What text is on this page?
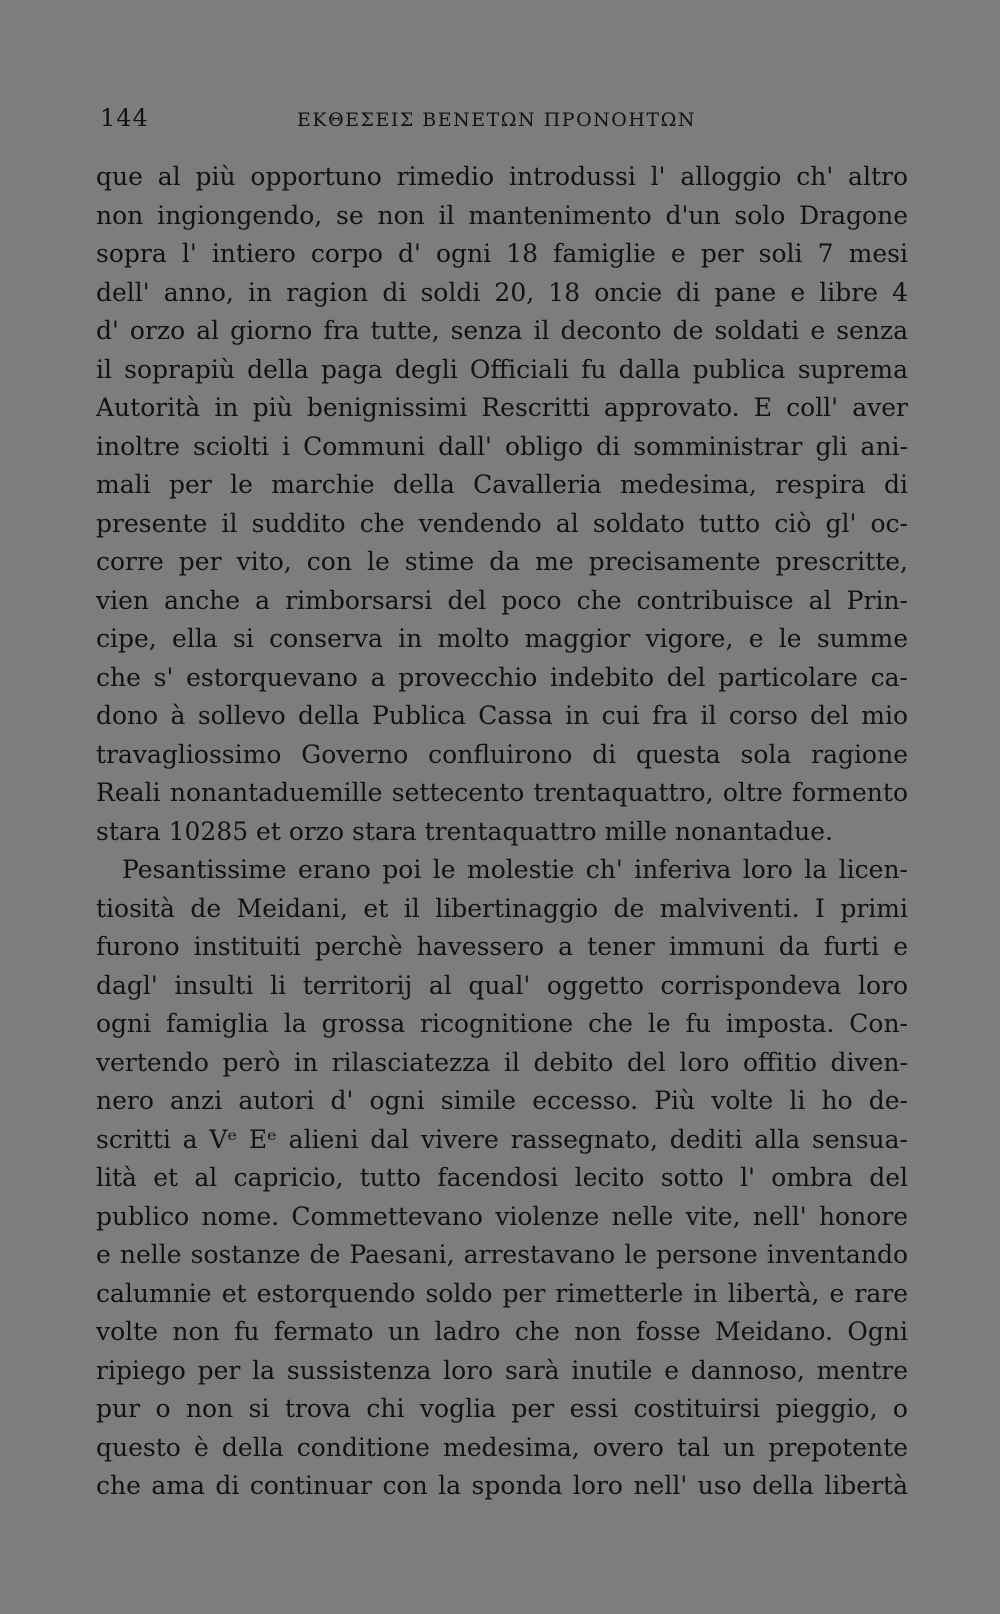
144	ΕΚΘΕΣΕΙΣ ΒΕΝΕΤΩΝ ΠΡΟΝΟΗΤΩΝ
que al più opportuno rimedio introdussi l' alloggio ch' altro
non ingiongendo, se non il mantenimento d'un solo Dragone
sopra l' intiero corpo d' ogni 18 famiglie e per soli 7 mesi
dell' anno, in ragion di soldi 20, 18 oncie di pane e libre 4
d' orzo al giorno fra tutte, senza il deconto de soldati e senza
il soprapiù della paga degli Officiali fu dalla publica suprema
Autorità in più benignissimi Rescritti approvato. E coll' aver
inoltre sciolti i Communi dall' obligo di somministrar gli ani-
mali per le marchie della Cavalleria medesima, respira di
presente il suddito che vendendo al soldato tutto ciò gl' oc-
corre per vito, con le stime da me precisamente prescritte,
vien anche a rimborsarsi del poco che contribuisce al Prin-
cipe, ella si conserva in molto maggior vigore, e le summe
che s' estorquevano a provecchio indebito del particolare ca-
dono à sollevo della Publica Cassa in cui fra il corso del mio
travagliossimo Governo confluirono di questa sola ragione
Reali nonantaduemille settecento trentaquattro, oltre formento
stara 10285 et orzo stara trentaquattro mille nonantadue.
Pesantissime erano poi le molestie ch' inferiva loro la licen-
tiosità de Meidani, et il libertinaggio de malviventi. I primi
furono instituiti perchè havessero a tener immuni da furti e
dagl' insulti li territorij al qual' oggetto corrispondeva loro
ogni famiglia la grossa ricognitione che le fu imposta. Con-
vertendo però in rilasciatezza il debito del loro offitio diven-
nero anzi autori d' ogni simile eccesso. Più volte li ho de-
scritti a Vᵉ Eᵉ alieni dal vivere rassegnato, dediti alla sensua-
lità et al capricio, tutto facendosi lecito sotto l' ombra del
publico nome. Commettevano violenze nelle vite, nell' honore
e nelle sostanze de Paesani, arrestavano le persone inventando
calumnie et estorquendo soldo per rimetterle in libertà, e rare
volte non fu fermato un ladro che non fosse Meidano. Ogni
ripiego per la sussistenza loro sarà inutile e dannoso, mentre
pur o non si trova chi voglia per essi costituirsi pieggio, o
questo è della conditione medesima, overo tal un prepotente
che ama di continuar con la sponda loro nell' uso della libertà
